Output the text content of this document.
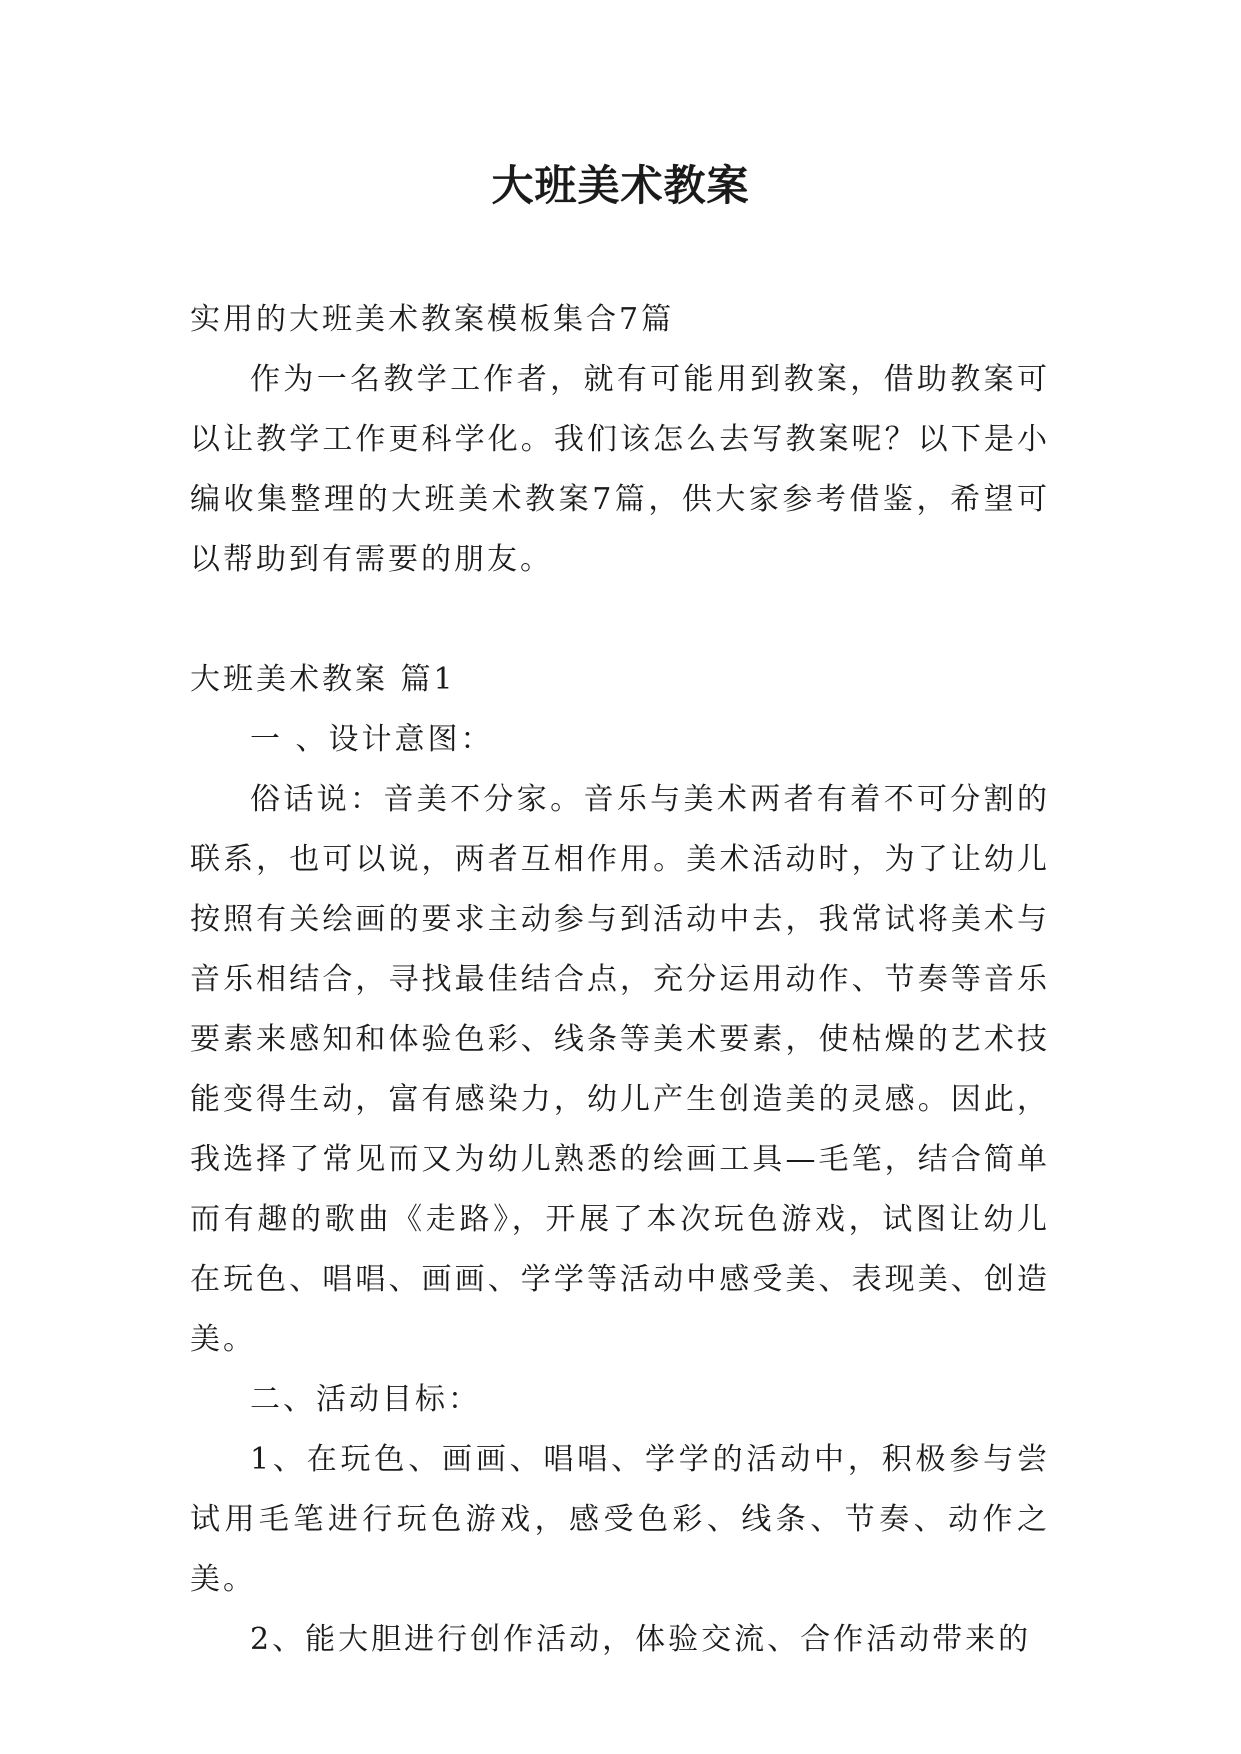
大班美术教案

实用的大班美术教案模板集合7篇

作为一名教学工作者，就有可能用到教案，借助教案可以让教学工作更科学化。我们该怎么去写教案呢？以下是小编收集整理的大班美术教案7篇，供大家参考借鉴，希望可以帮助到有需要的朋友。

大班美术教案 篇1

一 、设计意图：

俗话说：音美不分家。音乐与美术两者有着不可分割的联系，也可以说，两者互相作用。美术活动时，为了让幼儿按照有关绘画的要求主动参与到活动中去，我常试将美术与音乐相结合，寻找最佳结合点，充分运用动作、节奏等音乐要素来感知和体验色彩、线条等美术要素，使枯燥的艺术技能变得生动，富有感染力，幼儿产生创造美的灵感。因此，我选择了常见而又为幼儿熟悉的绘画工具—毛笔，结合简单而有趣的歌曲《走路》，开展了本次玩色游戏，试图让幼儿在玩色、唱唱、画画、学学等活动中感受美、表现美、创造美。

二、活动目标：

1、在玩色、画画、唱唱、学学的活动中，积极参与尝试用毛笔进行玩色游戏，感受色彩、线条、节奏、动作之美。

2、能大胆进行创作活动，体验交流、合作活动带来的
